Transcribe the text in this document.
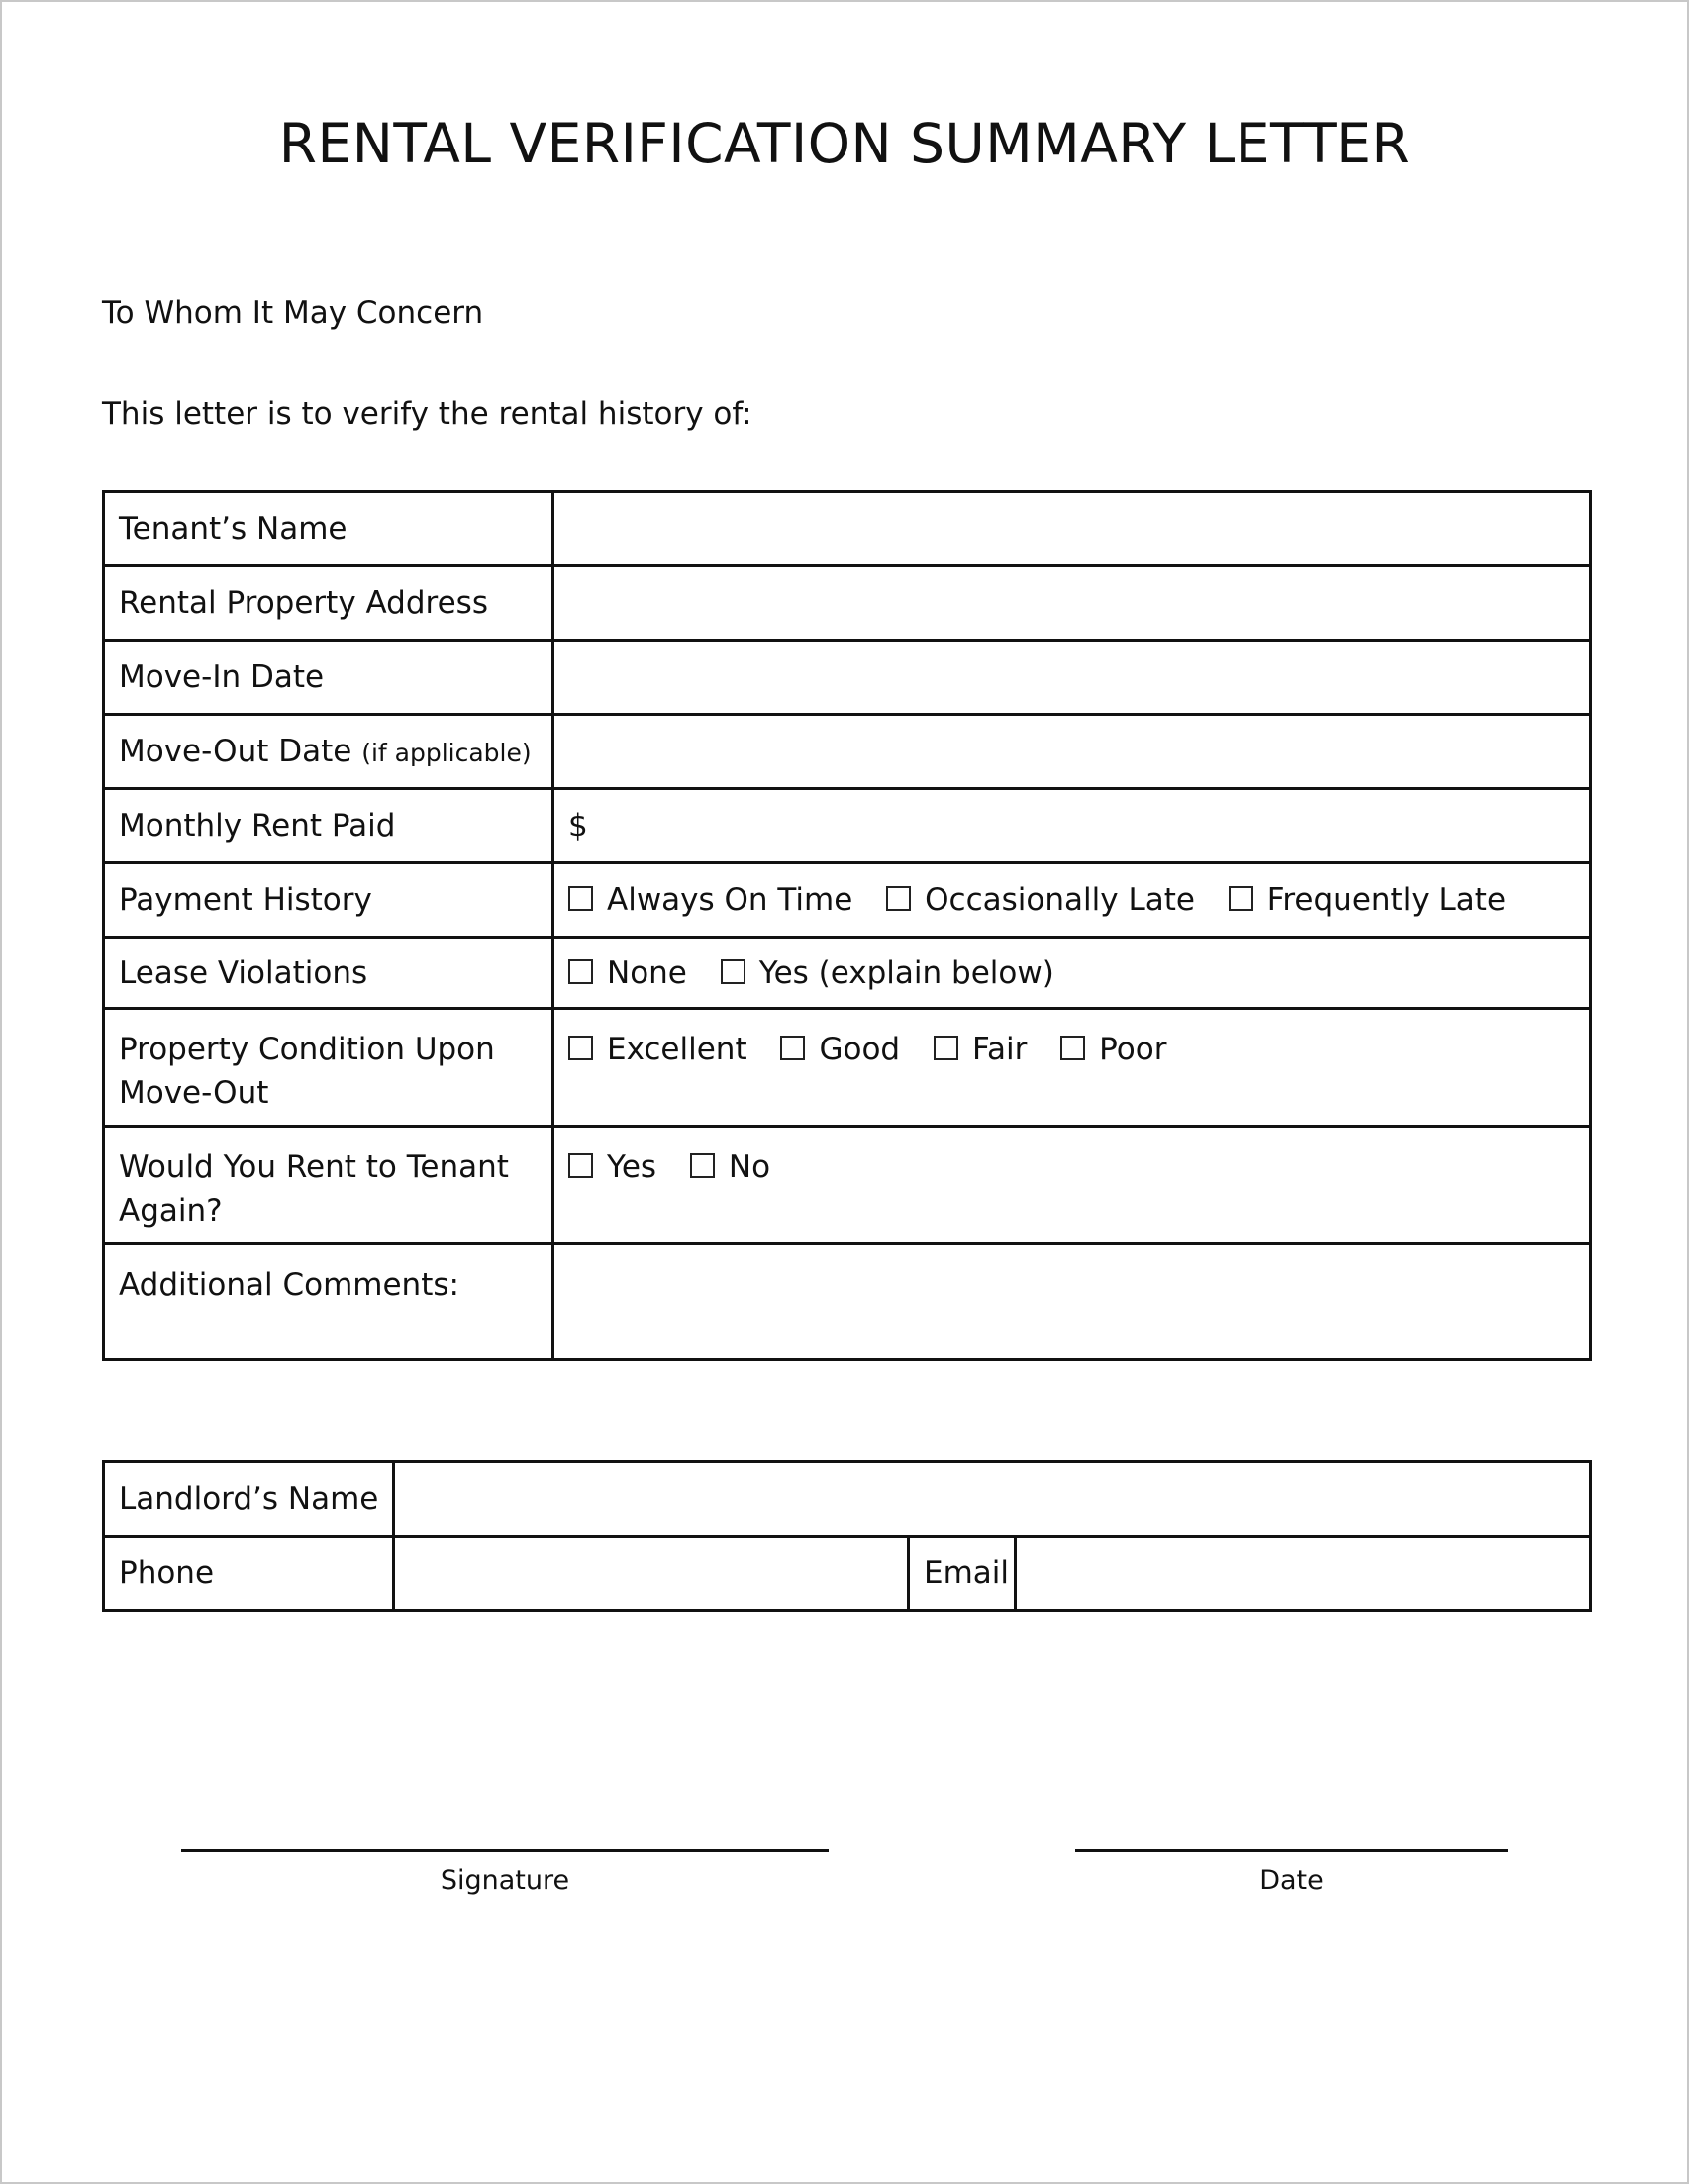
RENTAL VERIFICATION SUMMARY LETTER
To Whom It May Concern
This letter is to verify the rental history of:
Tenant’s Name	
Rental Property Address	
Move-In Date	
Move-Out Date (if applicable)	
Monthly Rent Paid	$
Payment History	Always On Time Occasionally Late Frequently Late
Lease Violations	None Yes (explain below)
Property Condition Upon
Move-Out	Excellent Good Fair Poor
Would You Rent to Tenant
Again?	Yes No
Additional Comments:	
Landlord’s Name			
Phone		Email	
Signature	Date
